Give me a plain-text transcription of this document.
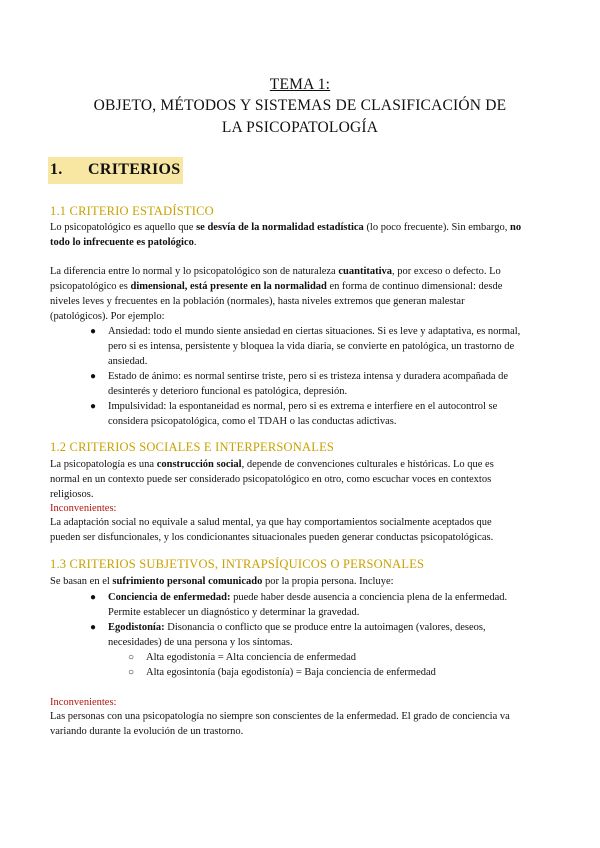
TEMA 1:
OBJETO, MÉTODOS Y SISTEMAS DE CLASIFICACIÓN DE
LA PSICOPATOLOGÍA
1. CRITERIOS
1.1 CRITERIO ESTADÍSTICO
Lo psicopatológico es aquello que se desvía de la normalidad estadística (lo poco frecuente). Sin embargo, no
todo lo infrecuente es patológico.
La diferencia entre lo normal y lo psicopatológico son de naturaleza cuantitativa, por exceso o defecto. Lo
psicopatológico es dimensional, está presente en la normalidad en forma de continuo dimensional: desde
niveles leves y frecuentes en la población (normales), hasta niveles extremos que generan malestar
(patológicos). Por ejemplo:
● Ansiedad: todo el mundo siente ansiedad en ciertas situaciones. Si es leve y adaptativa, es normal,
pero si es intensa, persistente y bloquea la vida diaria, se convierte en patológica, un trastorno de
ansiedad.
● Estado de ánimo: es normal sentirse triste, pero si es tristeza intensa y duradera acompañada de
desinterés y deterioro funcional es patológica, depresión.
● Impulsividad: la espontaneidad es normal, pero si es extrema e interfiere en el autocontrol se
considera psicopatológica, como el TDAH o las conductas adictivas.
1.2 CRITERIOS SOCIALES E INTERPERSONALES
La psicopatología es una construcción social, depende de convenciones culturales e históricas. Lo que es
normal en un contexto puede ser considerado psicopatológico en otro, como escuchar voces en contextos
religiosos.
Inconvenientes:
La adaptación social no equivale a salud mental, ya que hay comportamientos socialmente aceptados que
pueden ser disfuncionales, y los condicionantes situacionales pueden generar conductas psicopatológicas.
1.3 CRITERIOS SUBJETIVOS, INTRAPSÍQUICOS O PERSONALES
Se basan en el sufrimiento personal comunicado por la propia persona. Incluye:
● Conciencia de enfermedad: puede haber desde ausencia a conciencia plena de la enfermedad.
Permite establecer un diagnóstico y determinar la gravedad.
● Egodistonía: Disonancia o conflicto que se produce entre la autoimagen (valores, deseos,
necesidades) de una persona y los síntomas.
○ Alta egodistonía = Alta conciencia de enfermedad
○ Alta egosintonía (baja egodistonía) = Baja conciencia de enfermedad
Inconvenientes:
Las personas con una psicopatología no siempre son conscientes de la enfermedad. El grado de conciencia va
variando durante la evolución de un trastorno.
